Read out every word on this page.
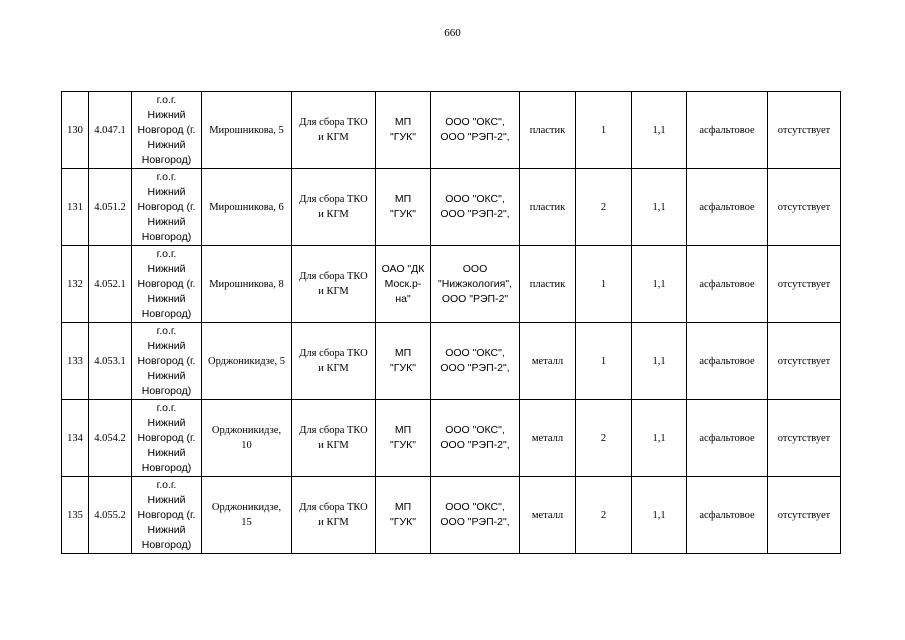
660
130	4.047.1	г.о.г.
Нижний
Новгород (г.
Нижний
Новгород)	Мирошникова, 5	Для сбора ТКО
и КГМ	МП
"ГУК"	ООО "ОКС",
ООО "РЭП-2",	пластик	1	1,1	асфальтовое	отсутствует

131	4.051.2	г.о.г.
Нижний
Новгород (г.
Нижний
Новгород)	Мирошникова, 6	Для сбора ТКО
и КГМ	МП
"ГУК"	ООО "ОКС",
ООО "РЭП-2",	пластик	2	1,1	асфальтовое	отсутствует

132	4.052.1	г.о.г.
Нижний
Новгород (г.
Нижний
Новгород)	Мирошникова, 8	Для сбора ТКО
и КГМ	ОАО "ДК
Моск.р-
на"	ООО
"Нижэкология",
ООО "РЭП-2"	пластик	1	1,1	асфальтовое	отсутствует

133	4.053.1	г.о.г.
Нижний
Новгород (г.
Нижний
Новгород)	Орджоникидзе, 5	Для сбора ТКО
и КГМ	МП
"ГУК"	ООО "ОКС",
ООО "РЭП-2",	металл	1	1,1	асфальтовое	отсутствует

134	4.054.2	г.о.г.
Нижний
Новгород (г.
Нижний
Новгород)	Орджоникидзе,
10	Для сбора ТКО
и КГМ	МП
"ГУК"	ООО "ОКС",
ООО "РЭП-2",	металл	2	1,1	асфальтовое	отсутствует

135	4.055.2	г.о.г.
Нижний
Новгород (г.
Нижний
Новгород)	Орджоникидзе,
15	Для сбора ТКО
и КГМ	МП
"ГУК"	ООО "ОКС",
ООО "РЭП-2",	металл	2	1,1	асфальтовое	отсутствует
